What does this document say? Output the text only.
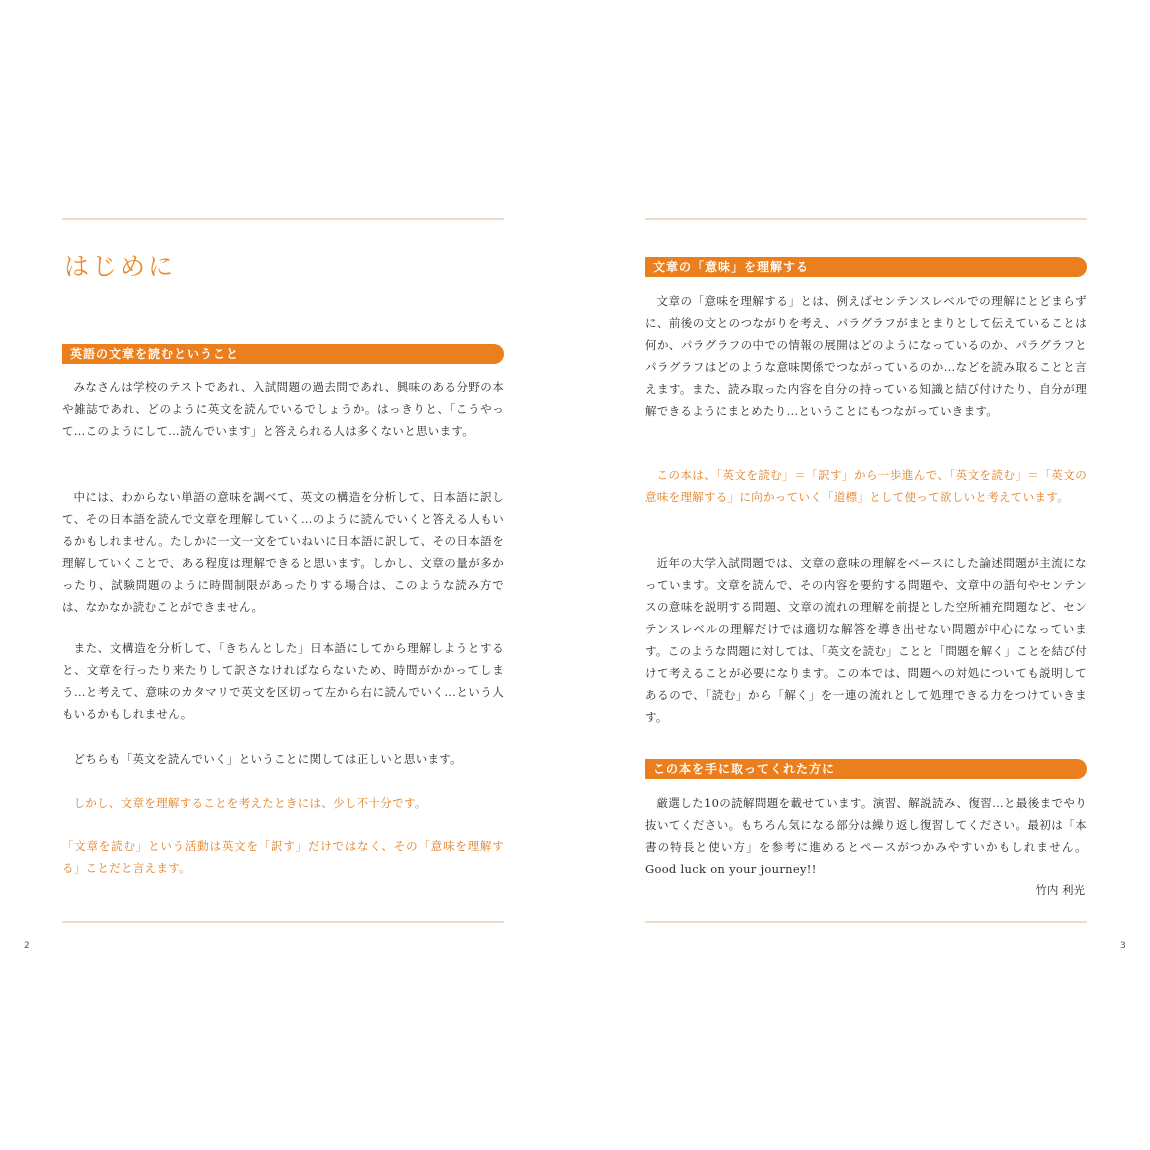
はじめに
英語の文章を読むということ

みなさんは学校のテストであれ、入試問題の過去問であれ、興味のある分野の本や雑誌であれ、どのように英文を読んでいるでしょうか。はっきりと、「こうやって…このようにして…読んでいます」と答えられる人は多くないと思います。

中には、わからない単語の意味を調べて、英文の構造を分析して、日本語に訳して、その日本語を読んで文章を理解していく…のように読んでいくと答える人もいるかもしれません。たしかに一文一文をていねいに日本語に訳して、その日本語を理解していくことで、ある程度は理解できると思います。しかし、文章の量が多かったり、試験問題のように時間制限があったりする場合は、このような読み方では、なかなか読むことができません。

また、文構造を分析して、「きちんとした」日本語にしてから理解しようとすると、文章を行ったり来たりして訳さなければならないため、時間がかかってしまう…と考えて、意味のカタマリで英文を区切って左から右に読んでいく…という人もいるかもしれません。

どちらも「英文を読んでいく」ということに関しては正しいと思います。

しかし、文章を理解することを考えたときには、少し不十分です。

「文章を読む」という活動は英文を「訳す」だけではなく、その「意味を理解する」ことだと言えます。

2
文章の「意味」を理解する

文章の「意味を理解する」とは、例えばセンテンスレベルでの理解にとどまらずに、前後の文とのつながりを考え、パラグラフがまとまりとして伝えていることは何か、パラグラフの中での情報の展開はどのようになっているのか、パラグラフとパラグラフはどのような意味関係でつながっているのか…などを読み取ることと言えます。また、読み取った内容を自分の持っている知識と結び付けたり、自分が理解できるようにまとめたり…ということにもつながっていきます。

この本は、「英文を読む」＝「訳す」から一歩進んで、「英文を読む」＝「英文の意味を理解する」に向かっていく「道標」として使って欲しいと考えています。

近年の大学入試問題では、文章の意味の理解をベースにした論述問題が主流になっています。文章を読んで、その内容を要約する問題や、文章中の語句やセンテンスの意味を説明する問題、文章の流れの理解を前提とした空所補充問題など、センテンスレベルの理解だけでは適切な解答を導き出せない問題が中心になっています。このような問題に対しては、「英文を読む」ことと「問題を解く」ことを結び付けて考えることが必要になります。この本では、問題への対処についても説明してあるので、「読む」から「解く」を一連の流れとして処理できる力をつけていきます。

この本を手に取ってくれた方に

厳選した10の読解問題を載せています。演習、解説読み、復習…と最後までやり抜いてください。もちろん気になる部分は繰り返し復習してください。最初は「本書の特長と使い方」を参考に進めるとペースがつかみやすいかもしれません。Good luck on your journey!!

竹内 利光

3
